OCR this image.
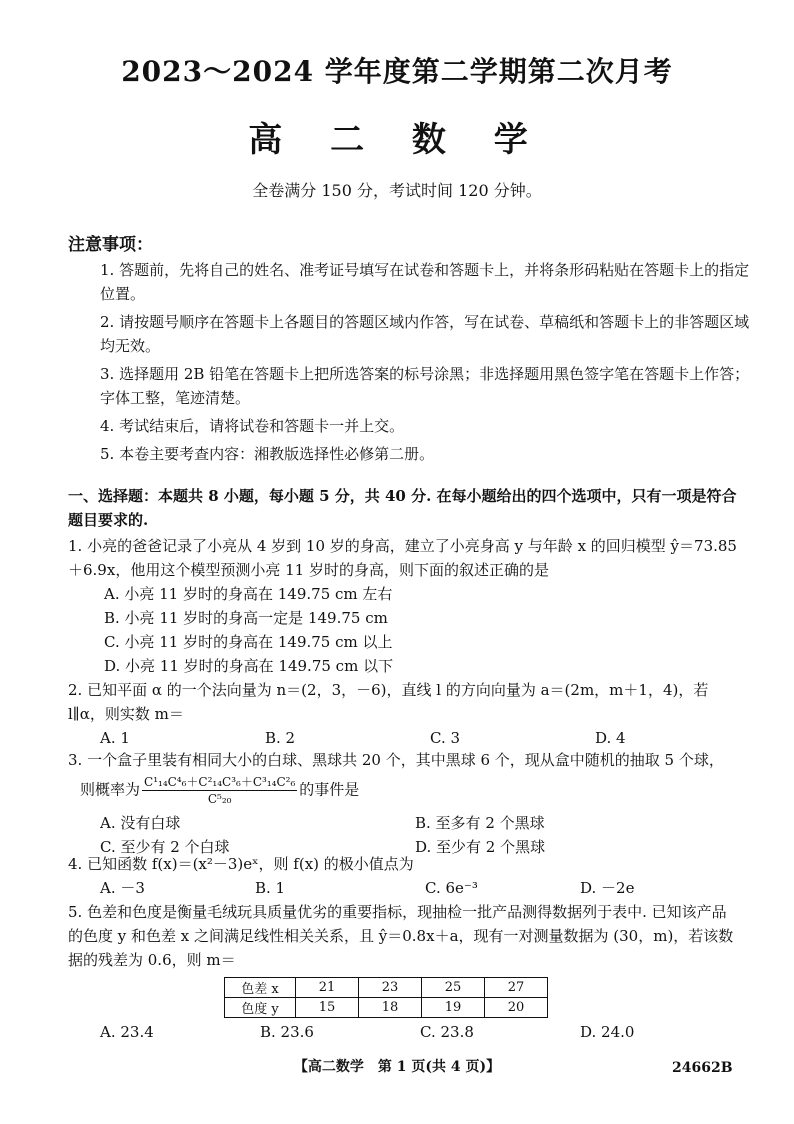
2023～2024 学年度第二学期第二次月考
高 二 数 学
全卷满分 150 分，考试时间 120 分钟。
注意事项：
1. 答题前，先将自己的姓名、准考证号填写在试卷和答题卡上，并将条形码粘贴在答题卡上的指定位置。
2. 请按题号顺序在答题卡上各题目的答题区域内作答，写在试卷、草稿纸和答题卡上的非答题区域均无效。
3. 选择题用 2B 铅笔在答题卡上把所选答案的标号涂黑；非选择题用黑色签字笔在答题卡上作答；字体工整，笔迹清楚。
4. 考试结束后，请将试卷和答题卡一并上交。
5. 本卷主要考查内容：湘教版选择性必修第二册。
一、选择题：本题共 8 小题，每小题 5 分，共 40 分. 在每小题给出的四个选项中，只有一项是符合题目要求的.
1. 小亮的爸爸记录了小亮从 4 岁到 10 岁的身高，建立了小亮身高 y 与年龄 x 的回归模型 ŷ＝73.85＋6.9x，他用这个模型预测小亮 11 岁时的身高，则下面的叙述正确的是
A. 小亮 11 岁时的身高在 149.75 cm 左右
B. 小亮 11 岁时的身高一定是 149.75 cm
C. 小亮 11 岁时的身高在 149.75 cm 以上
D. 小亮 11 岁时的身高在 149.75 cm 以下
2. 已知平面 α 的一个法向量为 n＝(2，3，－6)，直线 l 的方向向量为 a＝(2m，m＋1，4)，若 l∥α，则实数 m＝
A. 1	B. 2	C. 3	D. 4
3. 一个盒子里装有相同大小的白球、黑球共 20 个，其中黑球 6 个，现从盒中随机的抽取 5 个球，
则概率为 $\frac{\text{C¹₁₄C⁴₆＋C²₁₄C³₆＋C³₁₄C²₆}}{\text{C⁵₂₀}}$ 的事件是
A. 没有白球	B. 至多有 2 个黑球
C. 至少有 2 个白球	D. 至少有 2 个黑球
4. 已知函数 f(x)＝(x²－3)eˣ，则 f(x) 的极小值点为
A. －3	B. 1	C. 6e⁻³	D. －2e
5. 色差和色度是衡量毛绒玩具质量优劣的重要指标，现抽检一批产品测得数据列于表中. 已知该产品的色度 y 和色差 x 之间满足线性相关关系，且 ŷ＝0.8x＋a，现有一对测量数据为 (30，m)，若该数据的残差为 0.6，则 m＝
色差 x	21	23	25	27
色度 y	15	18	19	20
A. 23.4	B. 23.6	C. 23.8	D. 24.0
【高二数学　第 1 页(共 4 页)】	24662B
